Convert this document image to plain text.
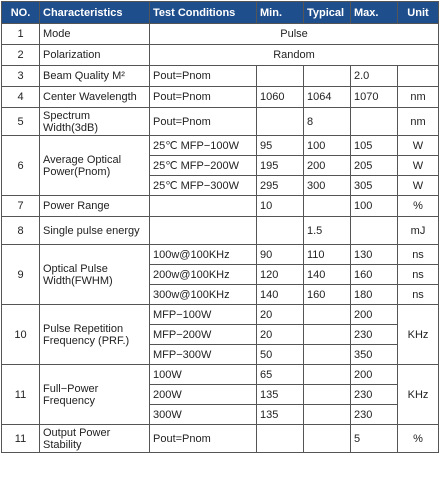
NO.	Characteristics	Test Conditions	Min.	Typical	Max.	Unit
1	Mode	Pulse				
2	Polarization	Random				
3	Beam Quality M²	Pout=Pnom			2.0	
4	Center Wavelength	Pout=Pnom	1060	1064	1070	nm
5	Spectrum Width(3dB)	Pout=Pnom		8		nm
6	Average Optical Power(Pnom)	25℃ MFP−100W	95	100	105	W
		25℃ MFP−200W	195	200	205	W
		25℃ MFP−300W	295	300	305	W
7	Power Range		10		100	%
8	Single pulse energy			1.5		mJ
9	Optical Pulse Width(FWHM)	100w@100KHz	90	110	130	ns
		200w@100KHz	120	140	160	ns
		300w@100KHz	140	160	180	ns
10	Pulse Repetition Frequency (PRF.)	MFP−100W	20		200	KHz
		MFP−200W	20		230	
		MFP−300W	50		350	
11	Full−Power Frequency	100W	65		200	KHz
		200W	135		230	
		300W	135		230	
11	Output Power Stability	Pout=Pnom			5	%
